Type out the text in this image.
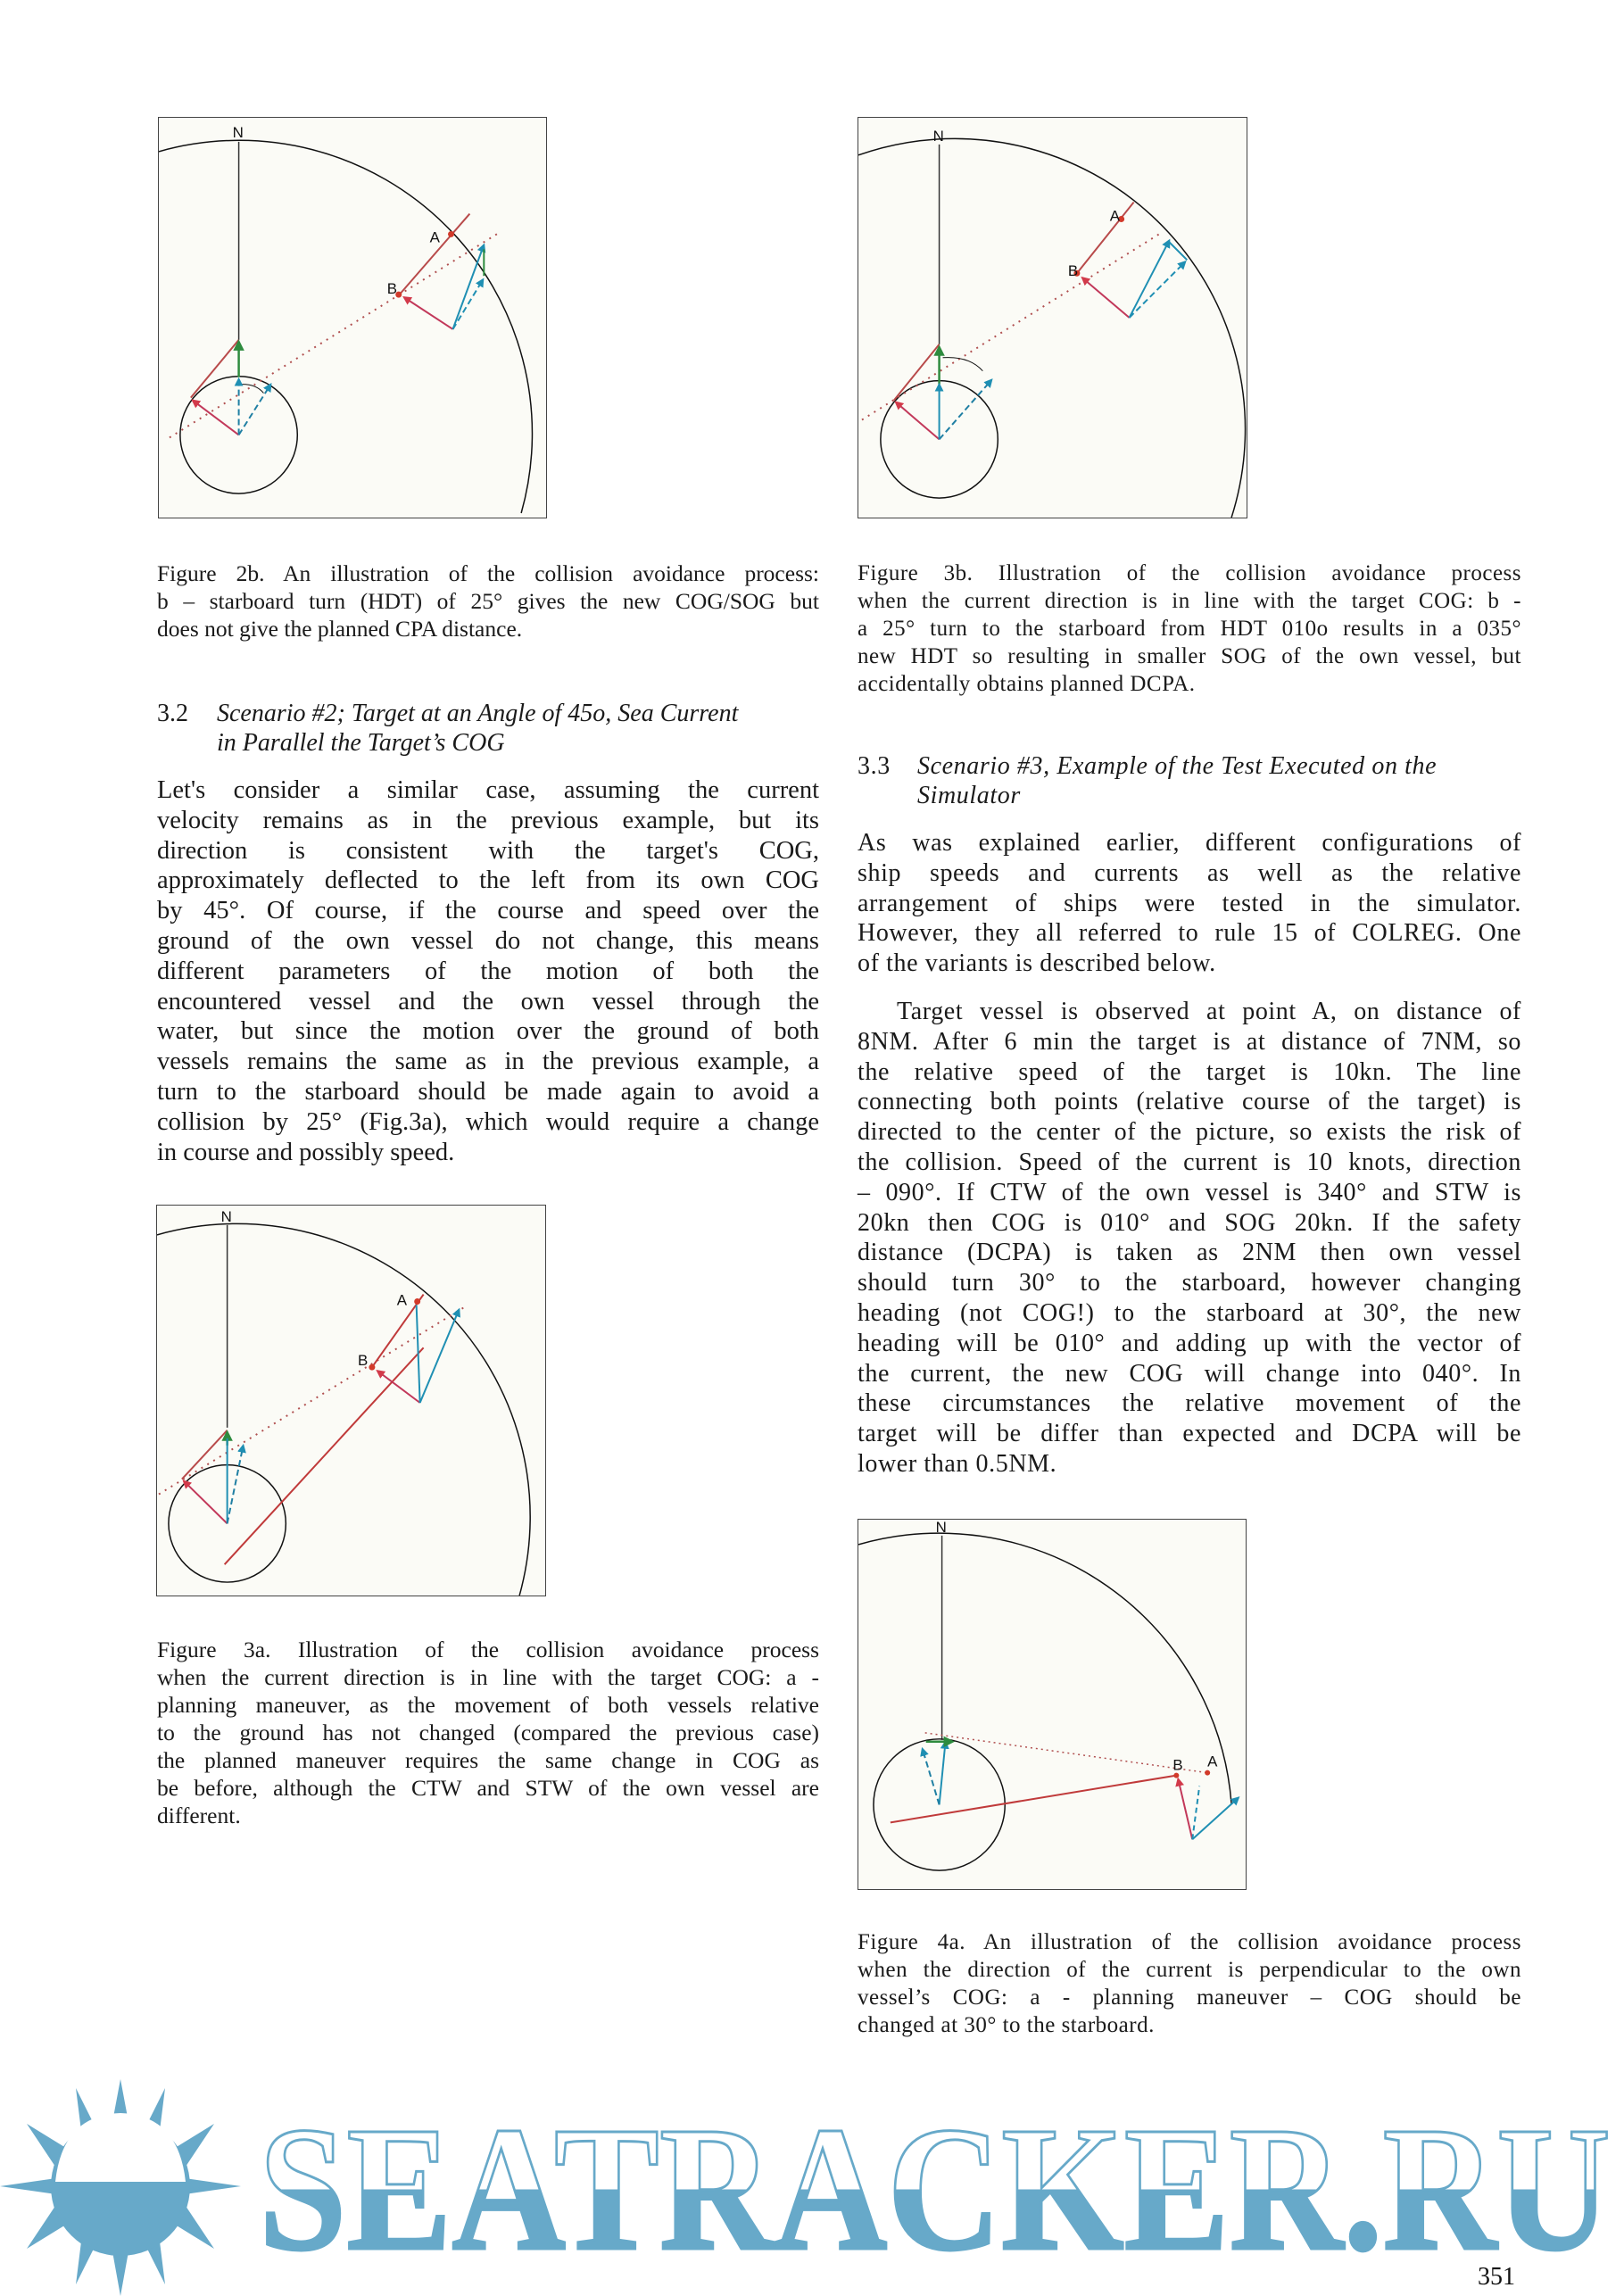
N
A
B
N
A
B
N
A
B
N
A
B
Figure 2b. An illustration of the collision avoidance process:
b – starboard turn (HDT) of 25° gives the new COG/SOG but
does not give the planned CPA distance.
3.2 Scenario #2; Target at an Angle of 45o, Sea Current
in Parallel the Target’s COG
Let's consider a similar case, assuming the current
velocity remains as in the previous example, but its
direction is consistent with the target's COG,
approximately deflected to the left from its own COG
by 45°. Of course, if the course and speed over the
ground of the own vessel do not change, this means
different parameters of the motion of both the
encountered vessel and the own vessel through the
water, but since the motion over the ground of both
vessels remains the same as in the previous example, a
turn to the starboard should be made again to avoid a
collision by 25° (Fig.3a), which would require a change
in course and possibly speed.
Figure 3a. Illustration of the collision avoidance process
when the current direction is in line with the target COG: a -
planning maneuver, as the movement of both vessels relative
to the ground has not changed (compared the previous case)
the planned maneuver requires the same change in COG as
be before, although the CTW and STW of the own vessel are
different.
Figure 3b. Illustration of the collision avoidance process
when the current direction is in line with the target COG: b -
a 25° turn to the starboard from HDT 010o results in a 035°
new HDT so resulting in smaller SOG of the own vessel, but
accidentally obtains planned DCPA.
3.3 Scenario #3, Example of the Test Executed on the
Simulator
As was explained earlier, different configurations of
ship speeds and currents as well as the relative
arrangement of ships were tested in the simulator.
However, they all referred to rule 15 of COLREG. One
of the variants is described below.
Target vessel is observed at point A, on distance of
8NM. After 6 min the target is at distance of 7NM, so
the relative speed of the target is 10kn. The line
connecting both points (relative course of the target) is
directed to the center of the picture, so exists the risk of
the collision. Speed of the current is 10 knots, direction
– 090°. If CTW of the own vessel is 340° and STW is
20kn then COG is 010° and SOG 20kn. If the safety
distance (DCPA) is taken as 2NM then own vessel
should turn 30° to the starboard, however changing
heading (not COG!) to the starboard at 30°, the new
heading will be 010° and adding up with the vector of
the current, the new COG will change into 040°. In
these circumstances the relative movement of the
target will be differ than expected and DCPA will be
lower than 0.5NM.
Figure 4a. An illustration of the collision avoidance process
when the direction of the current is perpendicular to the own
vessel’s COG: a - planning maneuver – COG should be
changed at 30° to the starboard.
SEATRACKER.RU
351
